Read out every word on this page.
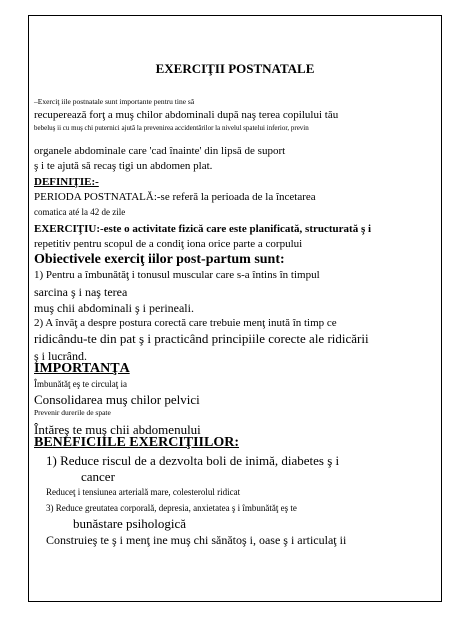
EXERCIŢII POSTNATALE
–Exerciţ iile postnatale sunt importante pentru tine să
recuperează forţ a muş chilor abdominali după naş terea copilului tău
bebeluş ii cu muş chi puternici ajută la prevenirea accidentărilor la nivelul spatelui inferior, previn
organele abdominale care 'cad înainte' din lipsă de suport
ş i te ajută să recaş tigi un abdomen plat.
DEFINIŢIE:-
PERIODA POSTNATALĂ:-se referă la perioada de la încetarea
comatica até la 42 de zile
EXERCIŢIU:-este o activitate fizică care este planificată, structurată ş i
repetitiv pentru scopul de a condiţ iona orice parte a corpului
Obiectivele exerciţ iilor post-partum sunt:
1) Pentru a îmbunătăţ i tonusul muscular care s-a întins în timpul
sarcina ş i naş terea
muş chii abdominali ş i perineali.
2) A învăţ a despre postura corectă care trebuie menţ inută în timp ce
ridicându-te din pat ş i practicând principiile corecte ale ridicării
ş i lucrând.
IMPORTANŢA
Îmbunătăţ eş te circulaţ ia
Consolidarea muş chilor pelvici
Prevenir durerile de spate
Întăreş te muş chii abdomenului
BENEFICIILE EXERCIŢIILOR:
1) Reduce riscul de a dezvolta boli de inimă, diabetes ş i
cancer
Reduceţ i tensiunea arterială mare, colesterolul ridicat
3) Reduce greutatea corporală, depresia, anxietatea ş i îmbunătăţ eş te
bunăstare psihologică
Construieş te ş i menţ ine muş chi sănătoş i, oase ş i articulaţ ii
